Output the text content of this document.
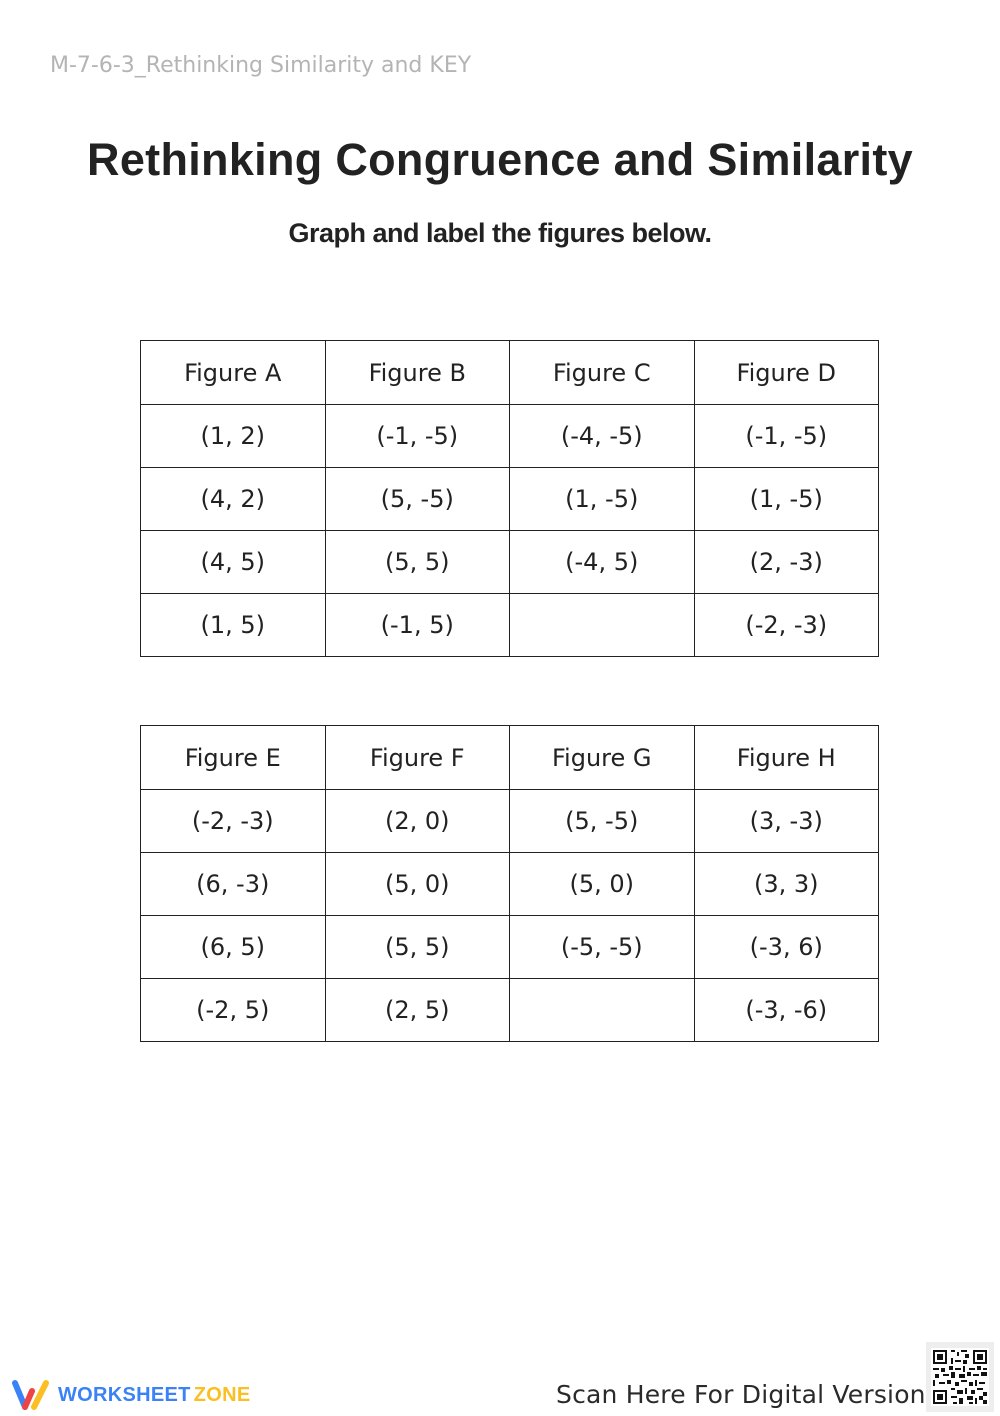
M-7-6-3_Rethinking Similarity and KEY
Rethinking Congruence and Similarity
Graph and label the figures below.
Figure A	Figure B	Figure C	Figure D
(1, 2)	(-1, -5)	(-4, -5)	(-1, -5)
(4, 2)	(5, -5)	(1, -5)	(1, -5)
(4, 5)	(5, 5)	(-4, 5)	(2, -3)
(1, 5)	(-1, 5)		(-2, -3)
Figure E	Figure F	Figure G	Figure H
(-2, -3)	(2, 0)	(5, -5)	(3, -3)
(6, -3)	(5, 0)	(5, 0)	(3, 3)
(6, 5)	(5, 5)	(-5, -5)	(-3, 6)
(-2, 5)	(2, 5)		(-3, -6)
WORKSHEET ZONE	Scan Here For Digital Version
